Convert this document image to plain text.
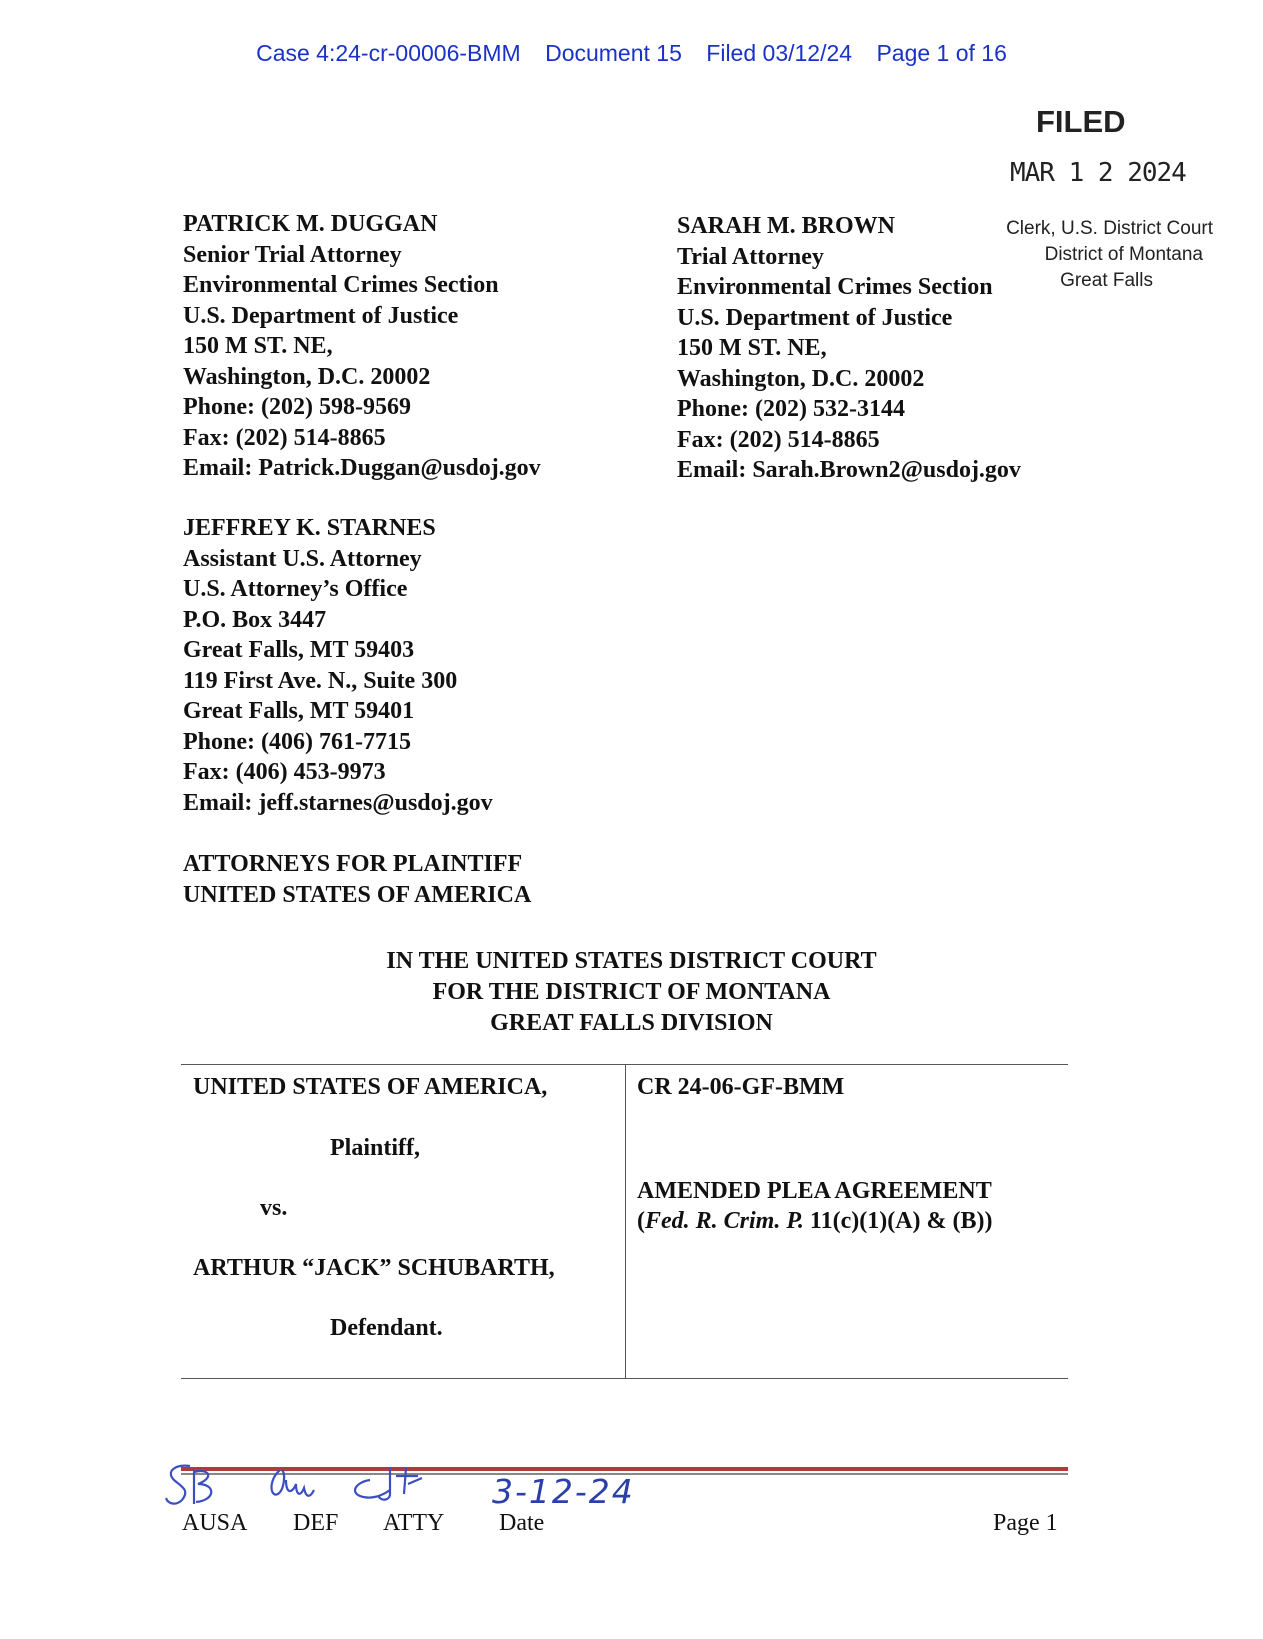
Case 4:24-cr-00006-BMM Document 15 Filed 03/12/24 Page 1 of 16
FILED
MAR 1 2 2024
Clerk, U.S. District Court
District of Montana
Great Falls
PATRICK M. DUGGAN
Senior Trial Attorney
Environmental Crimes Section
U.S. Department of Justice
150 M ST. NE,
Washington, D.C. 20002
Phone: (202) 598-9569
Fax: (202) 514-8865
Email: Patrick.Duggan@usdoj.gov
SARAH M. BROWN
Trial Attorney
Environmental Crimes Section
U.S. Department of Justice
150 M ST. NE,
Washington, D.C. 20002
Phone: (202) 532-3144
Fax: (202) 514-8865
Email: Sarah.Brown2@usdoj.gov
JEFFREY K. STARNES
Assistant U.S. Attorney
U.S. Attorney’s Office
P.O. Box 3447
Great Falls, MT 59403
119 First Ave. N., Suite 300
Great Falls, MT 59401
Phone: (406) 761-7715
Fax: (406) 453-9973
Email: jeff.starnes@usdoj.gov
ATTORNEYS FOR PLAINTIFF
UNITED STATES OF AMERICA
IN THE UNITED STATES DISTRICT COURT
FOR THE DISTRICT OF MONTANA
GREAT FALLS DIVISION
UNITED STATES OF AMERICA,
Plaintiff,
vs.
ARTHUR “JACK” SCHUBARTH,
Defendant.
CR 24-06-GF-BMM
AMENDED PLEA AGREEMENT
(Fed. R. Crim. P. 11(c)(1)(A) & (B))
3-12-24
AUSA DEF ATTY Date	Page 1
